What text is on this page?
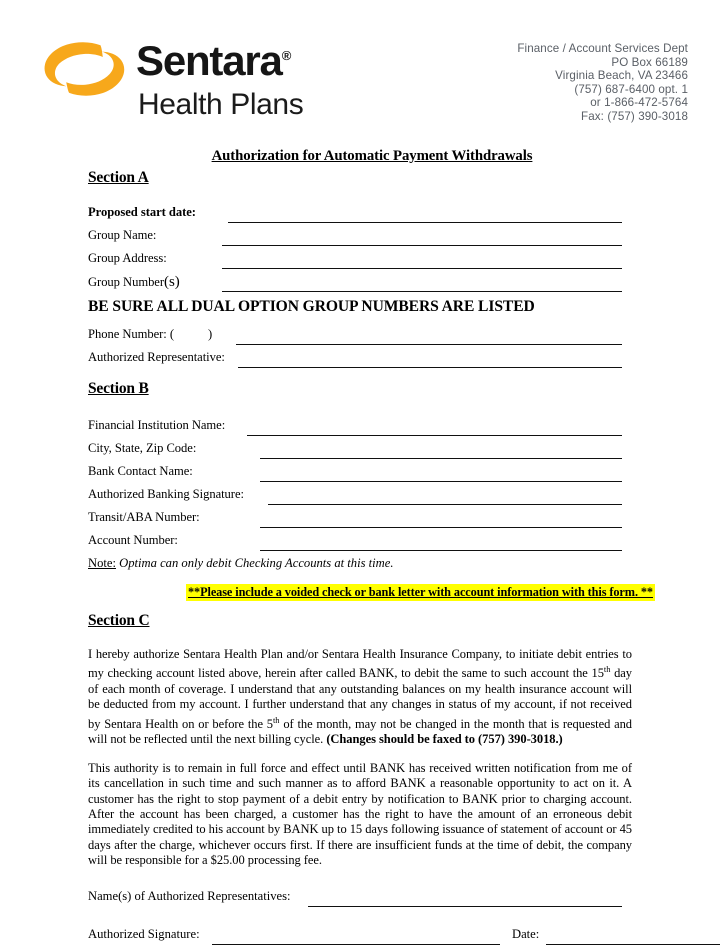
Sentara®
Health Plans
Finance / Account Services Dept
PO Box 66189
Virginia Beach, VA 23466
(757) 687-6400 opt. 1
or 1-866-472-5764
Fax: (757) 390-3018
Authorization for Automatic Payment Withdrawals
Section A
Proposed start date:
Group Name:
Group Address:
Group Number(s)
BE SURE ALL DUAL OPTION GROUP NUMBERS ARE LISTED
Phone Number: (	)
Authorized Representative:
Section B
Financial Institution Name:
City, State, Zip Code:
Bank Contact Name:
Authorized Banking Signature:
Transit/ABA Number:
Account Number:
Note: Optima can only debit Checking Accounts at this time.
**Please include a voided check or bank letter with account information with this form. **
Section C
I hereby authorize Sentara Health Plan and/or Sentara Health Insurance Company, to initiate debit entries to my checking account listed above, herein after called BANK, to debit the same to such account the 15th day of each month of coverage. I understand that any outstanding balances on my health insurance account will be deducted from my account. I further understand that any changes in status of my account, if not received by Sentara Health on or before the 5th of the month, may not be changed in the month that is requested and will not be reflected until the next billing cycle. (Changes should be faxed to (757) 390-3018.)
This authority is to remain in full force and effect until BANK has received written notification from me of its cancellation in such time and such manner as to afford BANK a reasonable opportunity to act on it. A customer has the right to stop payment of a debit entry by notification to BANK prior to charging account. After the account has been charged, a customer has the right to have the amount of an erroneous debit immediately credited to his account by BANK up to 15 days following issuance of statement of account or 45 days after the charge, whichever occurs first. If there are insufficient funds at the time of debit, the company will be responsible for a $25.00 processing fee.
Name(s) of Authorized Representatives:
Authorized Signature:	Date:
